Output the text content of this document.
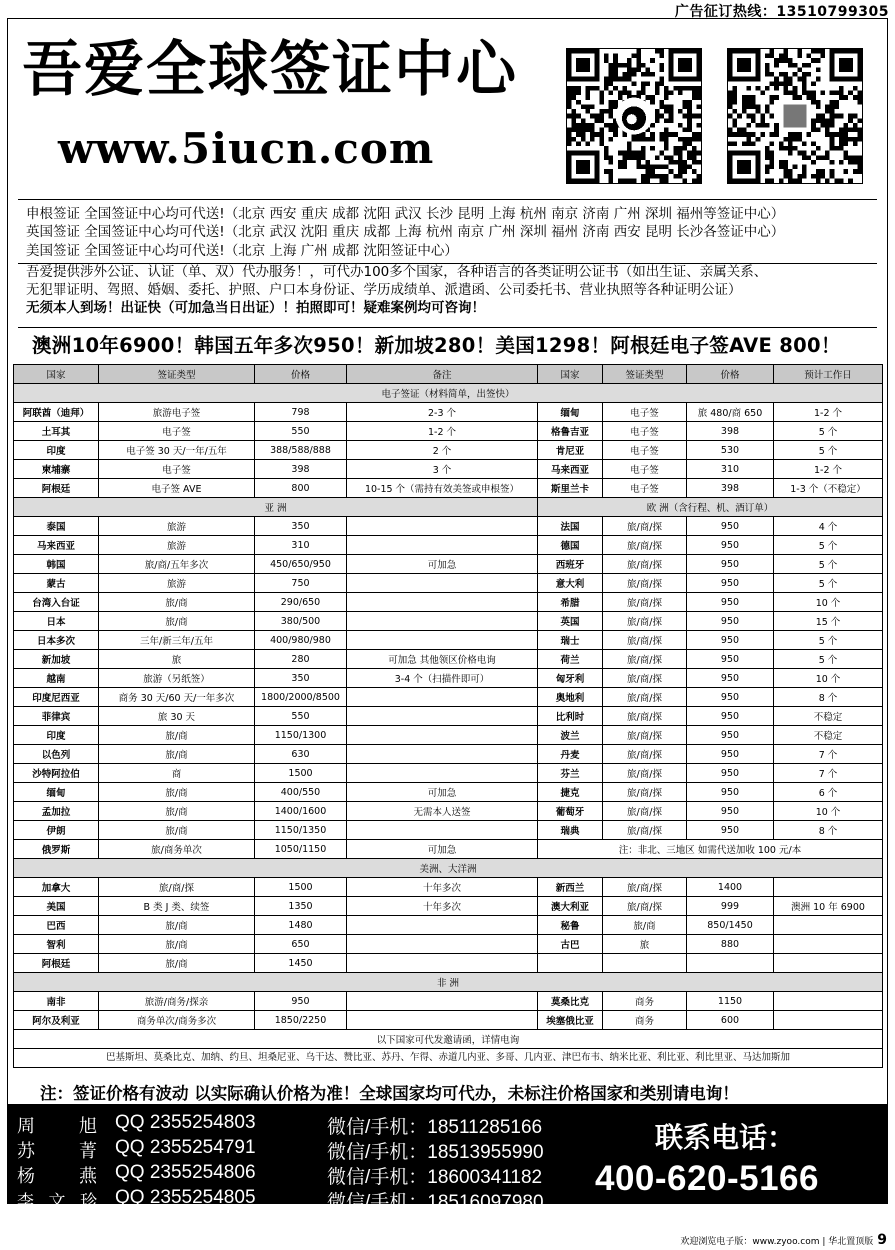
广告征订热线：13510799305
吾爱全球签证中心
www.5iucn.com
申根签证 全国签证中心均可代送!（北京 西安 重庆 成都 沈阳 武汉 长沙 昆明 上海 杭州 南京 济南 广州 深圳 福州等签证中心）
英国签证 全国签证中心均可代送!（北京 武汉 沈阳 重庆 成都 上海 杭州 南京 广州 深圳 福州 济南 西安 昆明 长沙各签证中心）
美国签证 全国签证中心均可代送!（北京 上海 广州 成都 沈阳签证中心）
吾爱提供涉外公证、认证（单、双）代办服务！，可代办100多个国家，各种语言的各类证明公证书（如出生证、亲属关系、
无犯罪证明、驾照、婚姻、委托、护照、户口本身份证、学历成绩单、派遣函、公司委托书、营业执照等各种证明公证）
无须本人到场！出证快（可加急当日出证）！拍照即可！疑难案例均可咨询！
澳洲10年6900！韩国五年多次950！新加坡280！美国1298！阿根廷电子签AVE 800！
国家	签证类型	价格	备注	国家	签证类型	价格	预计工作日
电子签证（材料简单，出签快）							
阿联酋（迪拜）	旅游电子签	798	2-3 个	缅甸	电子签	旅 480/商 650	1-2 个
土耳其	电子签	550	1-2 个	格鲁吉亚	电子签	398	5 个
印度	电子签 30 天/一年/五年	388/588/888	2 个	肯尼亚	电子签	530	5 个
柬埔寨	电子签	398	3 个	马来西亚	电子签	310	1-2 个
阿根廷	电子签 AVE	800	10-15 个（需持有效美签或申根签）	斯里兰卡	电子签	398	1-3 个（不稳定）
亚 洲				欧 洲（含行程、机、酒订单）			
泰国	旅游	350		法国	旅/商/探	950	4 个
马来西亚	旅游	310		德国	旅/商/探	950	5 个
韩国	旅/商/五年多次	450/650/950	可加急	西班牙	旅/商/探	950	5 个
蒙古	旅游	750		意大利	旅/商/探	950	5 个
台湾入台证	旅/商	290/650		希腊	旅/商/探	950	10 个
日本	旅/商	380/500		英国	旅/商/探	950	15 个
日本多次	三年/新三年/五年	400/980/980		瑞士	旅/商/探	950	5 个
新加坡	旅	280	可加急 其他领区价格电询	荷兰	旅/商/探	950	5 个
越南	旅游（另纸签）	350	3-4 个（扫描件即可）	匈牙利	旅/商/探	950	10 个
印度尼西亚	商务 30 天/60 天/一年多次	1800/2000/8500		奥地利	旅/商/探	950	8 个
菲律宾	旅 30 天	550		比利时	旅/商/探	950	不稳定
印度	旅/商	1150/1300		波兰	旅/商/探	950	不稳定
以色列	旅/商	630		丹麦	旅/商/探	950	7 个
沙特阿拉伯	商	1500		芬兰	旅/商/探	950	7 个
缅甸	旅/商	400/550	可加急	捷克	旅/商/探	950	6 个
孟加拉	旅/商	1400/1600	无需本人送签	葡萄牙	旅/商/探	950	10 个
伊朗	旅/商	1150/1350		瑞典	旅/商/探	950	8 个
俄罗斯	旅/商务单次	1050/1150	可加急	注：非北、三地区 如需代送加收 100 元/本			
美洲、大洋洲							
加拿大	旅/商/探	1500	十年多次	新西兰	旅/商/探	1400	
美国	B 类 J 类、续签	1350	十年多次	澳大利亚	旅/商/探	999	澳洲 10 年 6900
巴西	旅/商	1480		秘鲁	旅/商	850/1450	
智利	旅/商	650		古巴	旅	880	
阿根廷	旅/商	1450					
非 洲							
南非	旅游/商务/探亲	950		莫桑比克	商务	1150	
阿尔及利亚	商务单次/商务多次	1850/2250		埃塞俄比亚	商务	600	
以下国家可代发邀请函，详情电询							
巴基斯坦、莫桑比克、加纳、约旦、坦桑尼亚、乌干达、赞比亚、苏丹、乍得、赤道几内亚、多哥、几内亚、津巴布韦、纳米比亚、利比亚、利比里亚、马达加斯加							
注：签证价格有波动 以实际确认价格为准！全球国家均可代办，未标注价格国家和类别请电询！
周旭 QQ 2355254803	微信/手机：18511285166
苏菁 QQ 2355254791	微信/手机：18513955990
杨燕 QQ 2355254806	微信/手机：18600341182
李文珍 QQ 2355254805	微信/手机：18516097980
联系电话：
400-620-5166
欢迎浏览电子版：www.zyoo.com | 华北置顶版 9
